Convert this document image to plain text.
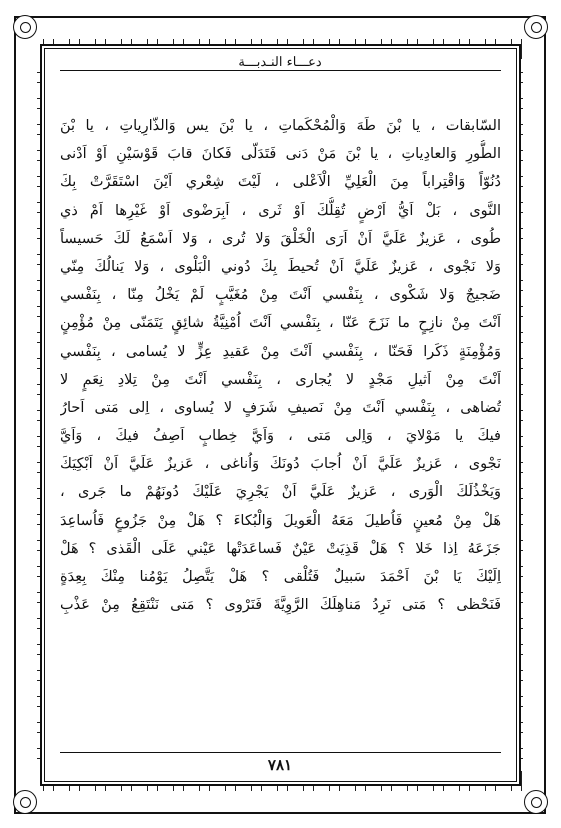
دعـــاء النـدبـــة
السّابقات ، يا بْنَ طَهَ وَالْمُحْكَماتِ ، يا بْنَ يس وَالذّارِياتِ ، يا بْنَ
الطُّورِ وَالعادِياتِ ، يا بْنَ مَنْ دَنى فَتَدَلّى فَكانَ قابَ قَوْسَيْنِ اَوْ اَدْنى
دُنُوّاً وَاقْتِراباً مِنَ الْعَلِيِّ الْاَعْلى ، لَيْتَ شِعْري اَيْنَ اسْتَقَرَّتْ بِكَ
النَّوى ، بَلْ اَيُّ اَرْضٍ تُقِلُّكَ اَوْ ثَرى ، اَبِرَضْوى اَوْ غَيْرِها اَمْ ذي
طُوى ، عَزيزٌ عَلَيَّ اَنْ اَرَى الْخَلْقَ وَلا تُرى ، وَلا اَسْمَعُ لَكَ حَسيساً
وَلا نَجْوى ، عَزيزٌ عَلَيَّ اَنْ تُحيطَ بِكَ دُوني الْبَلْوى ، وَلا يَنالُكَ مِنّي
ضَجيجٌ وَلا شَكْوى ، بِنَفْسي اَنْتَ مِنْ مُغَيَّبٍ لَمْ يَخْلُ مِنّا ، بِنَفْسي
اَنْتَ مِنْ نازِحٍ ما نَزَحَ عَنّا ، بِنَفْسي اَنْتَ اُمْنِيَّةُ شائِقٍ يَتَمَنّى مِنْ مُؤْمِنٍ
وَمُؤْمِنَةٍ ذَكَرا فَحَنّا ، بِنَفْسي اَنْتَ مِنْ عَقيدِ عِزٍّ لا يُسامى ، بِنَفْسي
اَنْتَ مِنْ اَثيلِ مَجْدٍ لا يُجارى ، بِنَفْسي اَنْتَ مِنْ تِلادِ نِعَمٍ لا
تُضاهى ، بِنَفْسي اَنْتَ مِنْ نَصيفِ شَرَفٍ لا يُساوى ، اِلى مَتى اَحارُ
فيكَ يا مَوْلايَ ، وَاِلى مَتى ، وَاَيَّ خِطابٍ اَصِفُ فيكَ ، وَاَيَّ
نَجْوى ، عَزيزٌ عَلَيَّ اَنْ اُجابَ دُونَكَ وَاُناغى ، عَزيزٌ عَلَيَّ اَنْ اَبْكِيَكَ
وَيَخْذُلَكَ الْوَرى ، عَزيزٌ عَلَيَّ اَنْ يَجْرِيَ عَلَيْكَ دُونَهُمْ ما جَرى ،
هَلْ مِنْ مُعينٍ فَاُطيلَ مَعَهُ الْعَويلَ وَالْبُكاءَ ؟ هَلْ مِنْ جَزُوعٍ فَاُساعِدَ
جَزَعَهُ اِذا خَلا ؟ هَلْ قَذِيَتْ عَيْنٌ فَساعَدَتْها عَيْني عَلَى الْقَذى ؟ هَلْ
اِلَيْكَ يَا بْنَ اَحْمَدَ سَبيلٌ فَتُلْقى ؟ هَلْ يَتَّصِلُ يَوْمُنا مِنْكَ بِعِدَةٍ
فَنَحْظى ؟ مَتى نَرِدُ مَناهِلَكَ الرَّوِيَّةَ فَنَرْوى ؟ مَتى نَنْتَقِعُ مِنْ عَذْبِ
٧٨١
